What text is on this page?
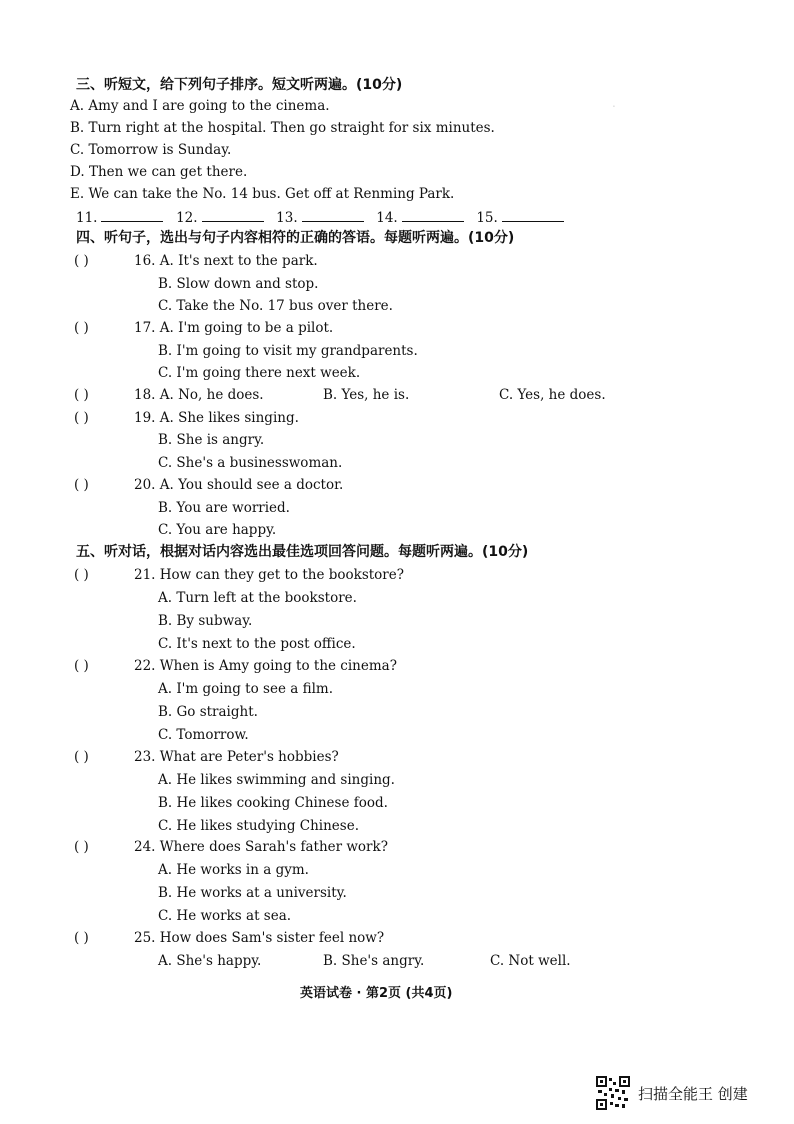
.
三、听短文，给下列句子排序。短文听两遍。(10分)
A. Amy and I are going to the cinema.
B. Turn right at the hospital. Then go straight for six minutes.
C. Tomorrow is Sunday.
D. Then we can get there.
E. We can take the No. 14 bus. Get off at Renming Park.
11.	12.	13.	14.	15.
四、听句子，选出与句子内容相符的正确的答语。每题听两遍。(10分)
( )	16. A. It's next to the park.
B. Slow down and stop.
C. Take the No. 17 bus over there.
( )	17. A. I'm going to be a pilot.
B. I'm going to visit my grandparents.
C. I'm going there next week.
( )	18. A. No, he does.	B. Yes, he is.	C. Yes, he does.
( )	19. A. She likes singing.
B. She is angry.
C. She's a businesswoman.
( )	20. A. You should see a doctor.
B. You are worried.
C. You are happy.
五、听对话，根据对话内容选出最佳选项回答问题。每题听两遍。(10分)
( )	21. How can they get to the bookstore?
A. Turn left at the bookstore.
B. By subway.
C. It's next to the post office.
( )	22. When is Amy going to the cinema?
A. I'm going to see a film.
B. Go straight.
C. Tomorrow.
( )	23. What are Peter's hobbies?
A. He likes swimming and singing.
B. He likes cooking Chinese food.
C. He likes studying Chinese.
( )	24. Where does Sarah's father work?
A. He works in a gym.
B. He works at a university.
C. He works at sea.
( )	25. How does Sam's sister feel now?
A. She's happy.	B. She's angry.	C. Not well.
英语试卷 · 第2页 (共4页)
扫描全能王 创建
